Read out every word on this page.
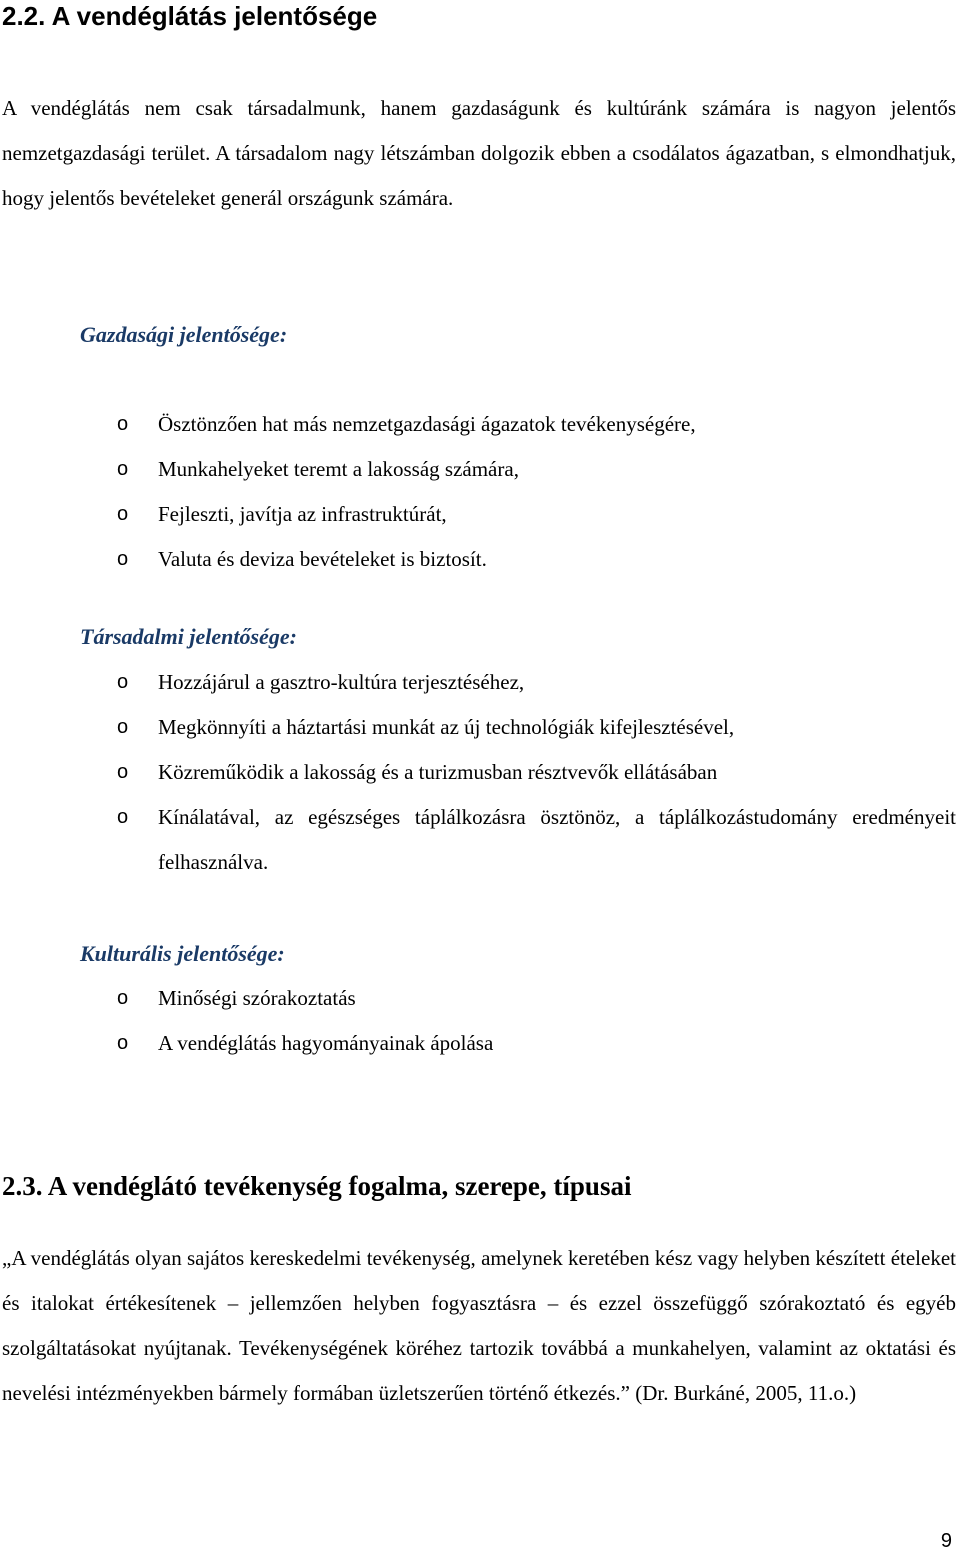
2.2. A vendéglátás jelentősége

A vendéglátás nem csak társadalmunk, hanem gazdaságunk és kultúránk számára is nagyon jelentős nemzetgazdasági terület. A társadalom nagy létszámban dolgozik ebben a csodálatos ágazatban, s elmondhatjuk, hogy jelentős bevételeket generál országunk számára.

Gazdasági jelentősége:
o Ösztönzően hat más nemzetgazdasági ágazatok tevékenységére,
o Munkahelyeket teremt a lakosság számára,
o Fejleszti, javítja az infrastruktúrát,
o Valuta és deviza bevételeket is biztosít.
Társadalmi jelentősége:
o Hozzájárul a gasztro-kultúra terjesztéséhez,
o Megkönnyíti a háztartási munkát az új technológiák kifejlesztésével,
o Közreműködik a lakosság és a turizmusban résztvevők ellátásában
o Kínálatával, az egészséges táplálkozásra ösztönöz, a táplálkozástudomány eredményeit felhasználva.
Kulturális jelentősége:
o Minőségi szórakoztatás
o A vendéglátás hagyományainak ápolása
2.3. A vendéglátó tevékenység fogalma, szerepe, típusai

„A vendéglátás olyan sajátos kereskedelmi tevékenység, amelynek keretében kész vagy helyben készített ételeket és italokat értékesítenek – jellemzően helyben fogyasztásra – és ezzel összefüggő szórakoztató és egyéb szolgáltatásokat nyújtanak. Tevékenységének köréhez tartozik továbbá a munkahelyen, valamint az oktatási és nevelési intézményekben bármely formában üzletszerűen történő étkezés.” (Dr. Burkáné, 2005, 11.o.)

9
